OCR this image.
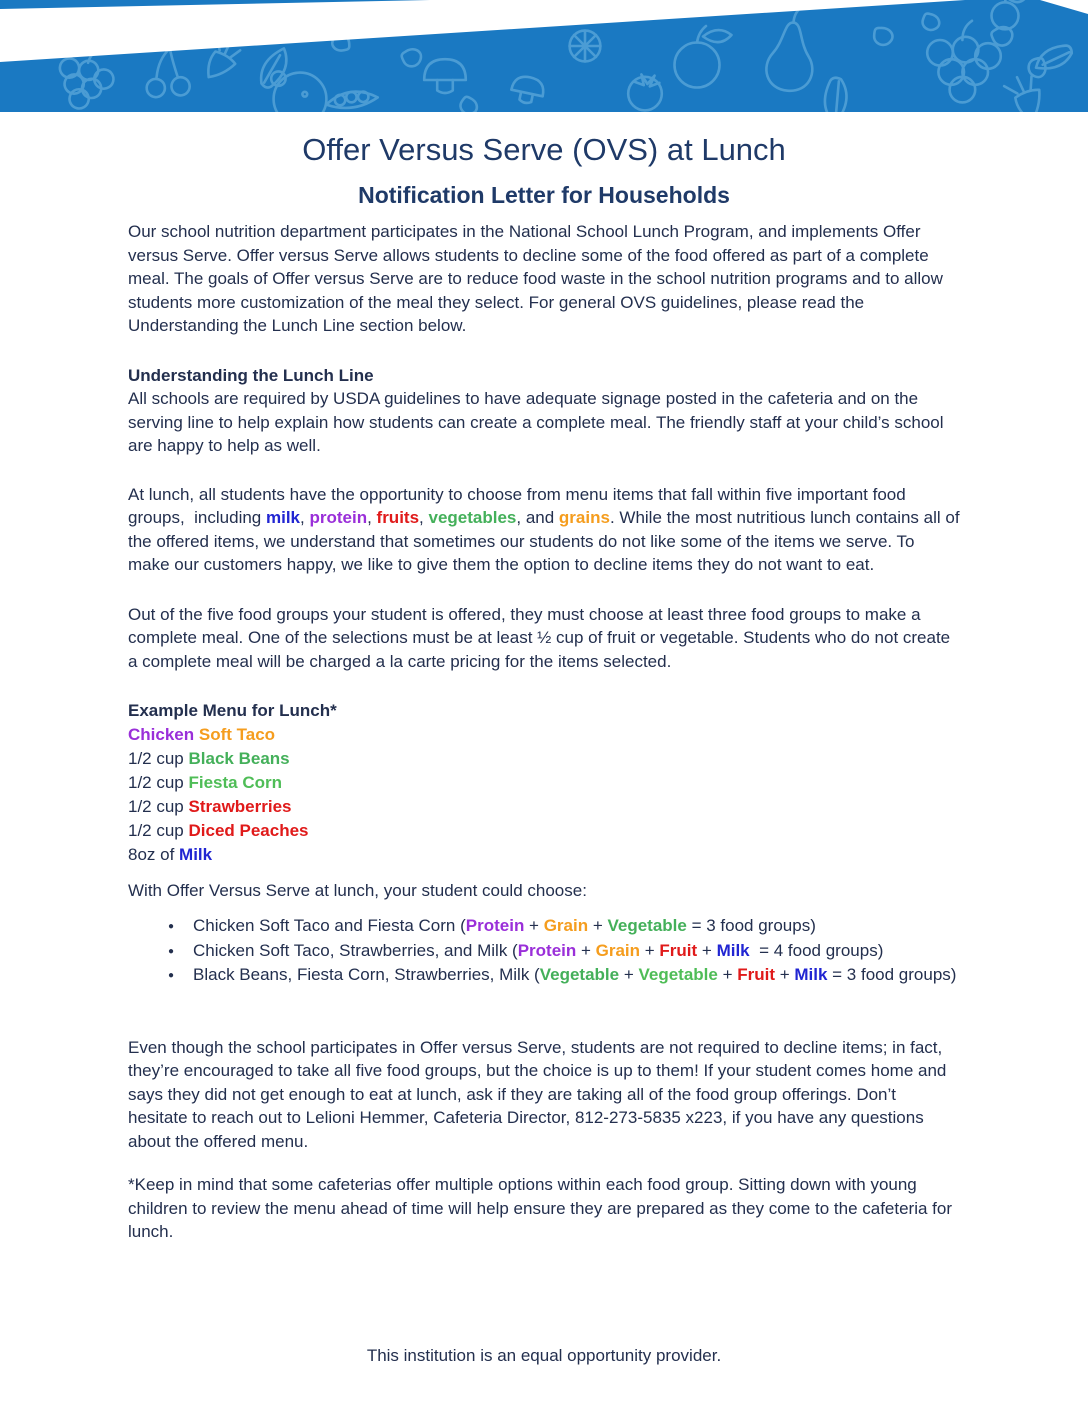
Offer Versus Serve (OVS) at Lunch
Notification Letter for Households

Our school nutrition department participates in the National School Lunch Program, and implements Offer versus Serve. Offer versus Serve allows students to decline some of the food offered as part of a complete meal. The goals of Offer versus Serve are to reduce food waste in the school nutrition programs and to allow students more customization of the meal they select. For general OVS guidelines, please read the Understanding the Lunch Line section below.

Understanding the Lunch Line

All schools are required by USDA guidelines to have adequate signage posted in the cafeteria and on the serving line to help explain how students can create a complete meal. The friendly staff at your child’s school are happy to help as well.

At lunch, all students have the opportunity to choose from menu items that fall within five important food groups,  including milk, protein, fruits, vegetables, and grains. While the most nutritious lunch contains all of the offered items, we understand that sometimes our students do not like some of the items we serve. To make our customers happy, we like to give them the option to decline items they do not want to eat.

Out of the five food groups your student is offered, they must choose at least three food groups to make a complete meal. One of the selections must be at least ½ cup of fruit or vegetable. Students who do not create a complete meal will be charged a la carte pricing for the items selected.

Example Menu for Lunch*

Chicken Soft Taco
1/2 cup Black Beans
1/2 cup Fiesta Corn
1/2 cup Strawberries
1/2 cup Diced Peaches
8oz of Milk

With Offer Versus Serve at lunch, your student could choose:

● Chicken Soft Taco and Fiesta Corn (Protein + Grain + Vegetable = 3 food groups)
● Chicken Soft Taco, Strawberries, and Milk (Protein + Grain + Fruit + Milk  = 4 food groups)
● Black Beans, Fiesta Corn, Strawberries, Milk (Vegetable + Vegetable + Fruit + Milk = 3 food groups)

Even though the school participates in Offer versus Serve, students are not required to decline items; in fact, they’re encouraged to take all five food groups, but the choice is up to them! If your student comes home and says they did not get enough to eat at lunch, ask if they are taking all of the food group offerings. Don’t hesitate to reach out to Lelioni Hemmer, Cafeteria Director, 812-273-5835 x223, if you have any questions about the offered menu.

*Keep in mind that some cafeterias offer multiple options within each food group. Sitting down with young children to review the menu ahead of time will help ensure they are prepared as they come to the cafeteria for lunch.

This institution is an equal opportunity provider.
